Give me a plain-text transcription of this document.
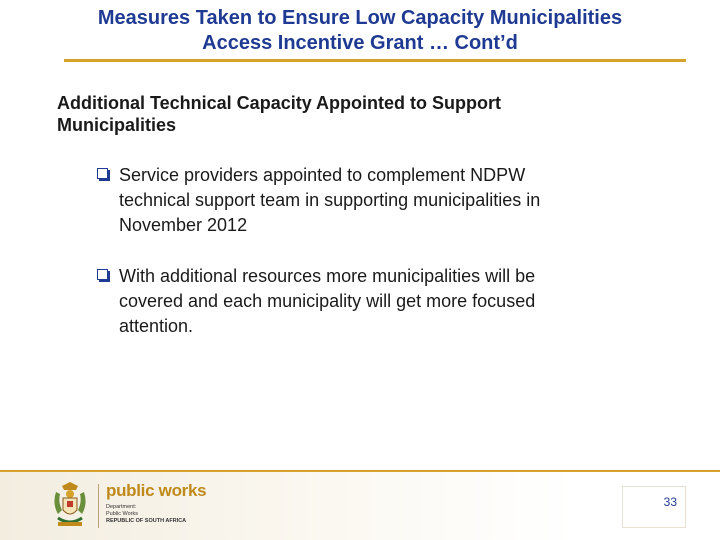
Measures Taken to Ensure Low Capacity Municipalities
Access Incentive Grant … Cont’d
Additional Technical Capacity Appointed to Support
Municipalities
Service providers appointed to complement NDPW
technical support team in supporting municipalities in
November 2012
With additional resources more municipalities will be
covered and each municipality will get more focused
attention.
public works
Department:
Public Works
REPUBLIC OF SOUTH AFRICA
33
